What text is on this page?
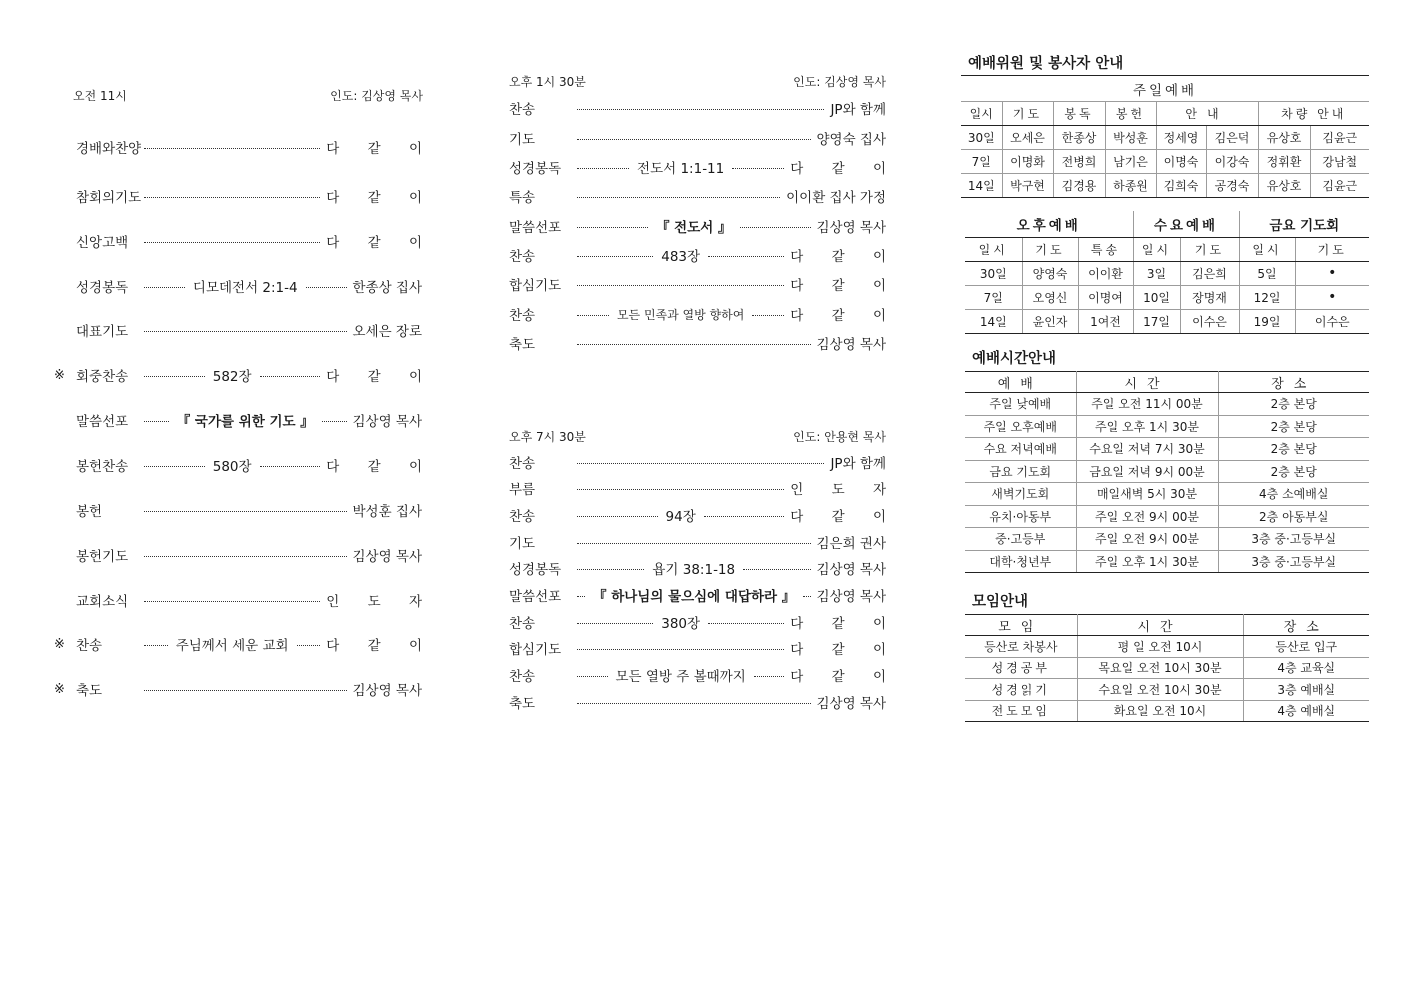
오전 11시	인도: 김상영 목사
경배와찬양	다 같 이
참회의기도	다 같 이
신앙고백	다 같 이
성경봉독	디모데전서 2:1-4	한종상 집사
대표기도	오세은 장로
※ 회중찬송	582장	다 같 이
말씀선포	『 국가를 위한 기도 』	김상영 목사
봉헌찬송	580장	다 같 이
봉헌	박성훈 집사
봉헌기도	김상영 목사
교회소식	인 도 자
※ 찬송	주님께서 세운 교회	다 같 이
※ 축도	김상영 목사
오후 1시 30분	인도: 김상영 목사
찬송	JP와 함께
기도	양영숙 집사
성경봉독	전도서 1:1-11	다 같 이
특송	이이환 집사 가정
말씀선포	『 전도서 』	김상영 목사
찬송	483장	다 같 이
합심기도	다 같 이
찬송	모든 민족과 열방 향하여	다 같 이
축도	김상영 목사
오후 7시 30분	인도: 안용현 목사
찬송	JP와 함께
부름	인 도 자
찬송	94장	다 같 이
기도	김은희 권사
성경봉독	욥기 38:1-18	김상영 목사
말씀선포	『 하나님의 물으심에 대답하라 』	김상영 목사
찬송	380장	다 같 이
합심기도	다 같 이
찬송	모든 열방 주 볼때까지	다 같 이
축도	김상영 목사
예배위원 및 봉사자 안내
주일예배							
일시	기도	봉독	봉헌	안내		차량 안내	
30일	오세은	한종상	박성훈	정세영	김은덕	유상호	김윤근
7일	이명화	전병희	남기은	이명숙	이강숙	정휘환	강남철
14일	박구현	김경용	하종원	김희숙	공경숙	유상호	김윤근
오후예배			수요예배		금요 기도회	
일시	기도	특송	일시	기도	일시	기도
30일	양영숙	이이환	3일	김은희	5일	•
7일	오영신	이명여	10일	장명재	12일	•
14일	윤인자	1여전	17일	이수은	19일	이수은
예배시간안내
예배	시간	장소
주일 낮예배	주일 오전 11시 00분	2층 본당
주일 오후예배	주일 오후 1시 30분	2층 본당
수요 저녁예배	수요일 저녁 7시 30분	2층 본당
금요 기도회	금요일 저녁 9시 00분	2층 본당
새벽기도회	매일새벽 5시 30분	4층 소예배실
유치·아동부	주일 오전 9시 00분	2층 아동부실
중·고등부	주일 오전 9시 00분	3층 중·고등부실
대학·청년부	주일 오후 1시 30분	3층 중·고등부실
모임안내
모임	시간	장소
등산로 차봉사	평 일 오전 10시	등산로 입구
성경공부	목요일 오전 10시 30분	4층 교육실
성경읽기	수요일 오전 10시 30분	3층 예배실
전도모임	화요일 오전 10시	4층 예배실
